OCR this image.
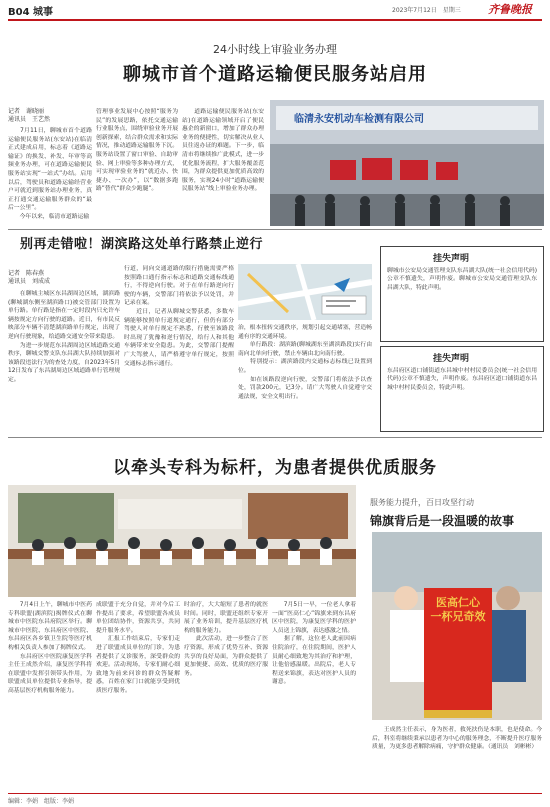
B04 城事	2023年7月12日　星期三 齐鲁晚报
24小时线上审验业务办理
聊城市首个道路运输便民服务站启用
记者　谢晓丽
通讯员　王艺然
　　7月11日，聊城市首个道路运输便民服务站(东安站)在临清正式建成启用，标志着《道路运输证》的换发、补发、年审等高频业务办理，可在道路运输便民服务站实现“一站式”办结。启用以后，驾驶员和道路运输经营业户可就近到服务站办理业务，真正打通交通运输服务群众的“最后一公里”。
　　今年以来，临清市道路运输
管理事业发展中心按照“服务为民”的发展思路，依托交通运输行业服务点，围绕审验业务开展创新探索，结合群众需求和实际情况，推动道路运输服务下沉。服务站设置了窗口审验、自助审验、网上审验等多种办理方式，可实现审验业务的“就近办、快捷办、一次办”，以“数据多跑路”替代“群众少跑腿”。
　　道路运输便民服务站(东安站)在道路运输领域开启了便民惠企的新窗口，增加了群众办理业务的便捷性，切实解决从业人员往返办证的难题。下一步，临清市将继续推广此模式，进一步优化服务流程，扩大服务覆盖范围，为群众提供更加优质高效的服务，实现24小时“道路运输便民服务站”线上审验业务办理。
临清永安机动车检测有限公司
别再走错啦！湖滨路这处单行路禁止逆行
记者　陈春燕
通讯员　刘成成
　　在聊城主城区东昌湖周边区域，湖滨路(聊城湖东侧至湖滨路口)被交管部门设置为单行路。单行路是指在一定时段内只允许车辆按规定方向行驶的道路。近日，有市民反映部分车辆不清楚湖滨路单行规定，出现了逆向行驶现象，给道路交通安全带来隐患。
　　为进一步规范东昌湖周边区域道路交通秩序，聊城交警支队东昌湖大队持续加强对该路段违法行为的查处力度，自2023年5月12日发布了东昌湖周边区域道路单行管理规定。
行道，同向交通道路的限行措施需要严格按照路口通行指示标志和道路交通标线通行，不得逆向行驶。对于在单行路逆向行驶的车辆，交警部门将依法予以处罚，并记录在案。
　　近日，记者从聊城交警获悉，多数车辆能够按照单行道规定通行，但仍有部分驾驶人对单行规定不熟悉，行驶至该路段时出现了犹豫和逆行情况，给行人和其他车辆带来安全隐患。为此，交警部门提醒广大驾驶人，请严格遵守单行规定，按照交通标志指示通行。
治，根本扭转交通秩序，规划引起交通堵塞，营造畅通有序的交通环境。
　　单行路段：湖滨路(聊城湖东至湖滨路段)实行由南向北单向行驶，禁止车辆由北向南行驶。
　　特别提示：湖滨路段内交通标志标线已设置到位。
　　如在该路段逆向行驶，交警部门将依法予以查处，罚款200元，记3分。请广大驾驶人自觉遵守交通法规，安全文明出行。
挂失声明
聊城市公安局交通管理支队东昌湖大队(统一社会信用代码)公章不慎遗失，声明作废。聊城市公安局交通管理支队东昌湖大队，特此声明。
挂失声明
东昌府区道口铺街道东昌城中村村民委员会(统一社会信用代码)公章不慎遗失，声明作废。东昌府区道口铺街道东昌城中村村民委员会，特此声明。
以牵头专科为标杆，为患者提供优质服务
服务能力提升，百日攻坚行动
锦旗背后是一段温暖的故事
医高仁心　一杯兄奇效
　　7月4日上午，聊城市中医药专科联盟(湖滨院)揭牌仪式在聊城市中医院东昌府院区举行。聊城市中医院、东昌府区中医院、东昌府区各乡镇卫生院等医疗机构相关负责人参加了揭牌仪式。
　　东昌府区中医院康复医学科主任王成然介绍，康复医学科将在联盟中发挥引领带头作用，为联盟成员单位提供专业指导，提高基层医疗机构服务能力。
成联盟于充分自觉，并对今后工作提出了要求，希望联盟各成员单位团结协作，资源共享，共同提升服务水平。
　　汇报工作结束后，专家们走进了联盟成员单位的门诊，为患者提供了义诊服务，深受群众的欢迎。活动现场，专家们耐心细致地为前来问诊的群众答疑解惑，百姓在家门口就能享受到优质医疗服务。
时治疗，大大缩短了患者的就医时间。同时，联盟还组织专家开展了业务培训，提升基层医疗机构的服务能力。
　　此次活动，进一步整合了医疗资源，形成了优势互补、资源共享的良好局面，为群众提供了更加便捷、高效、优质的医疗服务。
　　7月5日一早，一位老人拿着一面“医高仁心”锦旗来到东昌府区中医院，为康复医学科的医护人员送上锦旗，表达感激之情。
　　据了解，这位老人此前因病住院治疗，在住院期间，医护人员耐心细致地为其治疗和护理，让他倍感温暖。出院后，老人专程送来锦旗，表达对医护人员的谢意。
　　王成然主任表示，身为医者，救死扶伤是本职，也是使命。今后，科室将继续秉承以患者为中心的服务理念，不断提升医疗服务质量，为更多患者解除病痛，守护群众健康。（通讯员　刘彬彬）
编辑：李娟　组版：李娟
